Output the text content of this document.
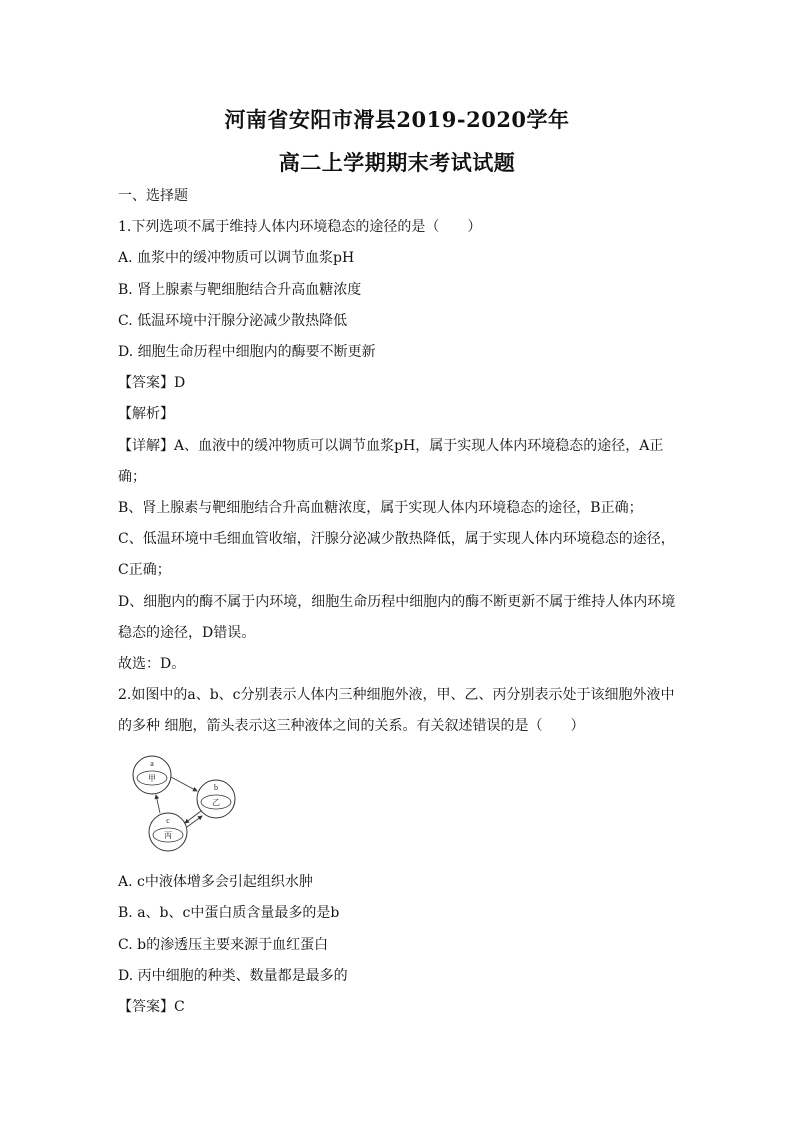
河南省安阳市滑县2019-2020学年
高二上学期期末考试试题
一、选择题
1.下列选项不属于维持人体内环境稳态的途径的是（　　）
A. 血浆中的缓冲物质可以调节血浆pH
B. 肾上腺素与靶细胞结合升高血糖浓度
C. 低温环境中汗腺分泌减少散热降低
D. 细胞生命历程中细胞内的酶要不断更新
【答案】D
【解析】
【详解】A、血液中的缓冲物质可以调节血浆pH，属于实现人体内环境稳态的途径，A正
确；
B、肾上腺素与靶细胞结合升高血糖浓度，属于实现人体内环境稳态的途径，B正确；
C、低温环境中毛细血管收缩，汗腺分泌减少散热降低，属于实现人体内环境稳态的途径，
C正确；
D、细胞内的酶不属于内环境，细胞生命历程中细胞内的酶不断更新不属于维持人体内环境
稳态的途径，D错误。
故选：D。
2.如图中的a、b、c分别表示人体内三种细胞外液，甲、乙、丙分别表示处于该细胞外液中
的多种 细胞，箭头表示这三种液体之间的关系。有关叙述错误的是（　　）
a
甲
b
乙
c
丙
A. c中液体增多会引起组织水肿
B. a、b、c中蛋白质含量最多的是b
C. b的渗透压主要来源于血红蛋白
D. 丙中细胞的种类、数量都是最多的
【答案】C
